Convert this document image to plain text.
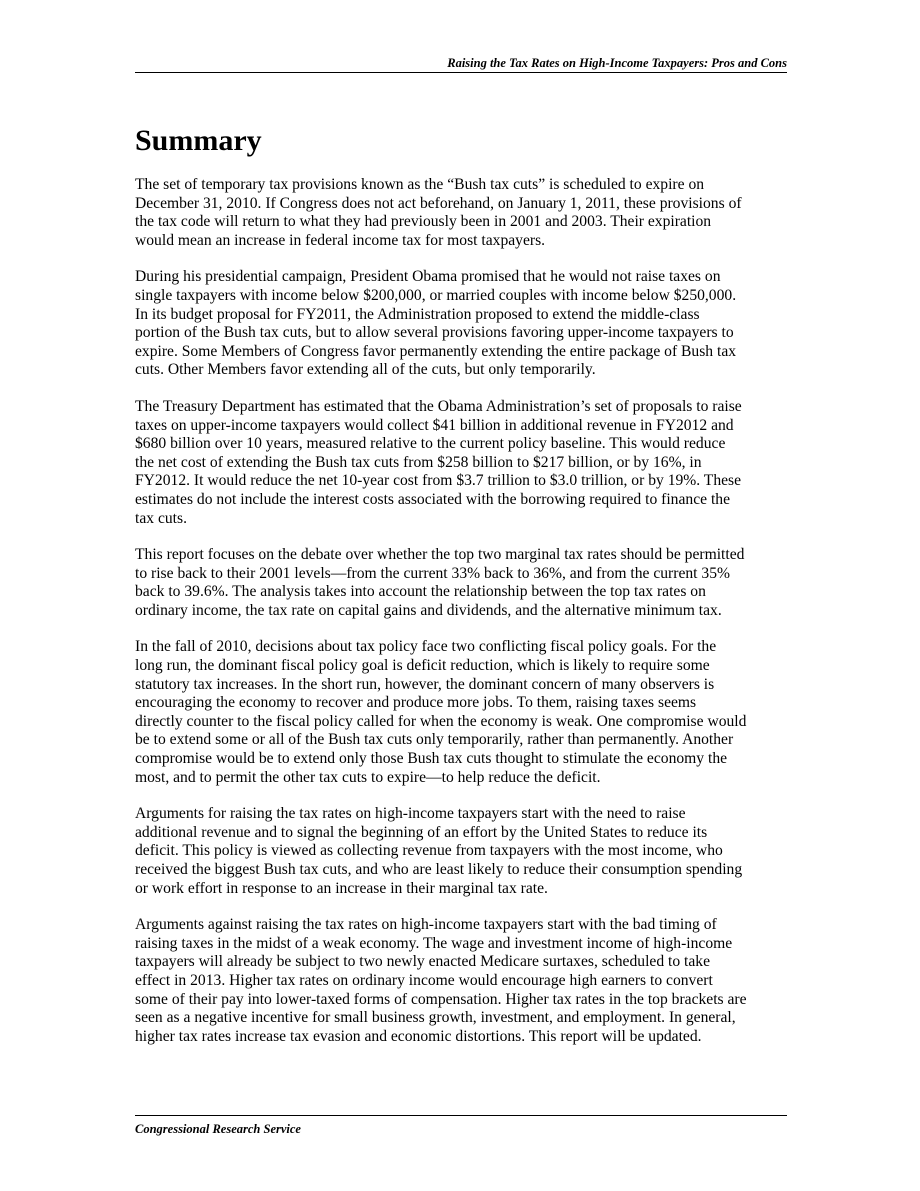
Raising the Tax Rates on High-Income Taxpayers: Pros and Cons
Summary

The set of temporary tax provisions known as the “Bush tax cuts” is scheduled to expire on
December 31, 2010. If Congress does not act beforehand, on January 1, 2011, these provisions of
the tax code will return to what they had previously been in 2001 and 2003. Their expiration
would mean an increase in federal income tax for most taxpayers.

During his presidential campaign, President Obama promised that he would not raise taxes on
single taxpayers with income below $200,000, or married couples with income below $250,000.
In its budget proposal for FY2011, the Administration proposed to extend the middle-class
portion of the Bush tax cuts, but to allow several provisions favoring upper-income taxpayers to
expire. Some Members of Congress favor permanently extending the entire package of Bush tax
cuts. Other Members favor extending all of the cuts, but only temporarily.

The Treasury Department has estimated that the Obama Administration’s set of proposals to raise
taxes on upper-income taxpayers would collect $41 billion in additional revenue in FY2012 and
$680 billion over 10 years, measured relative to the current policy baseline. This would reduce
the net cost of extending the Bush tax cuts from $258 billion to $217 billion, or by 16%, in
FY2012. It would reduce the net 10-year cost from $3.7 trillion to $3.0 trillion, or by 19%. These
estimates do not include the interest costs associated with the borrowing required to finance the
tax cuts.

This report focuses on the debate over whether the top two marginal tax rates should be permitted
to rise back to their 2001 levels—from the current 33% back to 36%, and from the current 35%
back to 39.6%. The analysis takes into account the relationship between the top tax rates on
ordinary income, the tax rate on capital gains and dividends, and the alternative minimum tax.

In the fall of 2010, decisions about tax policy face two conflicting fiscal policy goals. For the
long run, the dominant fiscal policy goal is deficit reduction, which is likely to require some
statutory tax increases. In the short run, however, the dominant concern of many observers is
encouraging the economy to recover and produce more jobs. To them, raising taxes seems
directly counter to the fiscal policy called for when the economy is weak. One compromise would
be to extend some or all of the Bush tax cuts only temporarily, rather than permanently. Another
compromise would be to extend only those Bush tax cuts thought to stimulate the economy the
most, and to permit the other tax cuts to expire—to help reduce the deficit.

Arguments for raising the tax rates on high-income taxpayers start with the need to raise
additional revenue and to signal the beginning of an effort by the United States to reduce its
deficit. This policy is viewed as collecting revenue from taxpayers with the most income, who
received the biggest Bush tax cuts, and who are least likely to reduce their consumption spending
or work effort in response to an increase in their marginal tax rate.

Arguments against raising the tax rates on high-income taxpayers start with the bad timing of
raising taxes in the midst of a weak economy. The wage and investment income of high-income
taxpayers will already be subject to two newly enacted Medicare surtaxes, scheduled to take
effect in 2013. Higher tax rates on ordinary income would encourage high earners to convert
some of their pay into lower-taxed forms of compensation. Higher tax rates in the top brackets are
seen as a negative incentive for small business growth, investment, and employment. In general,
higher tax rates increase tax evasion and economic distortions. This report will be updated.

Congressional Research Service
